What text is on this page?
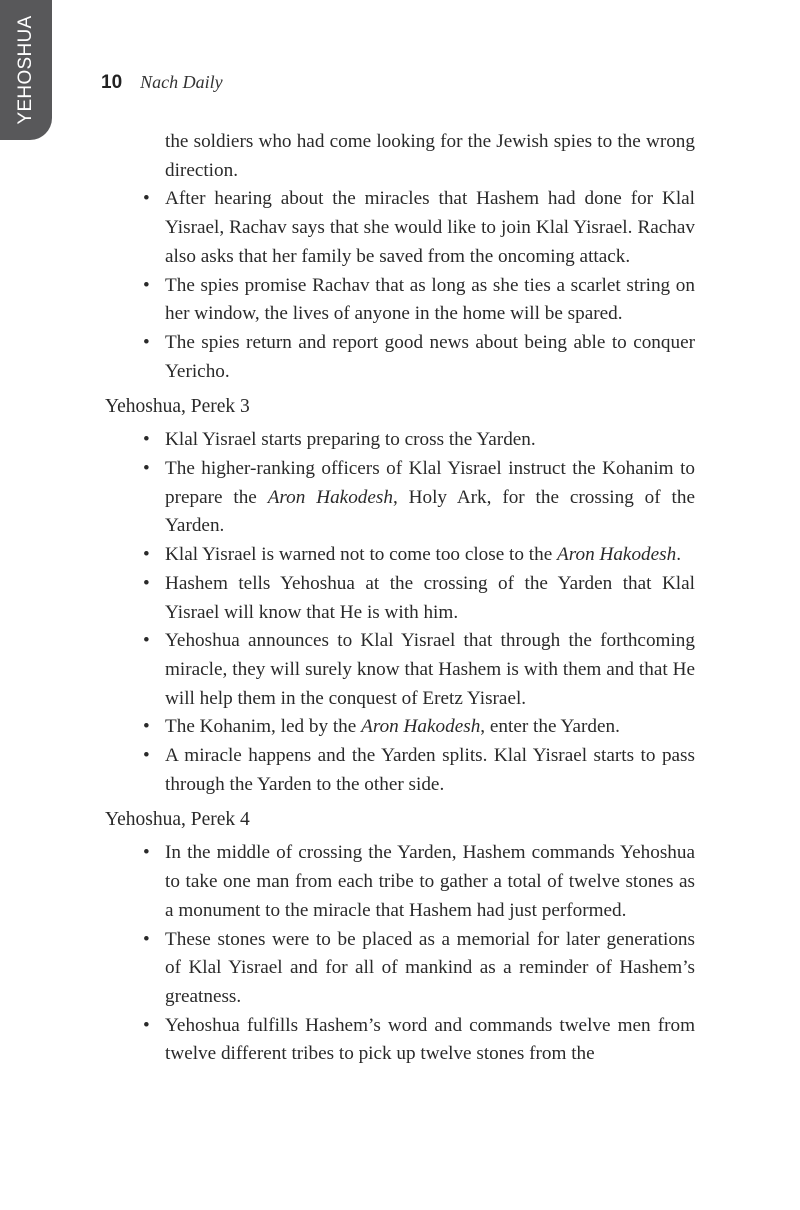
YEHOSHUA	10 Nach Daily
the soldiers who had come looking for the Jewish spies to the wrong direction.
• After hearing about the miracles that Hashem had done for Klal Yisrael, Rachav says that she would like to join Klal Yisrael. Rachav also asks that her family be saved from the oncoming attack.
• The spies promise Rachav that as long as she ties a scarlet string on her window, the lives of anyone in the home will be spared.
• The spies return and report good news about being able to conquer Yericho.
Yehoshua, Perek 3
• Klal Yisrael starts preparing to cross the Yarden.
• The higher-ranking officers of Klal Yisrael instruct the Kohanim to prepare the Aron Hakodesh, Holy Ark, for the crossing of the Yarden.
• Klal Yisrael is warned not to come too close to the Aron Hakodesh.
• Hashem tells Yehoshua at the crossing of the Yarden that Klal Yisrael will know that He is with him.
• Yehoshua announces to Klal Yisrael that through the forthcoming miracle, they will surely know that Hashem is with them and that He will help them in the conquest of Eretz Yisrael.
• The Kohanim, led by the Aron Hakodesh, enter the Yarden.
• A miracle happens and the Yarden splits. Klal Yisrael starts to pass through the Yarden to the other side.
Yehoshua, Perek 4
• In the middle of crossing the Yarden, Hashem commands Yehoshua to take one man from each tribe to gather a total of twelve stones as a monument to the miracle that Hashem had just performed.
• These stones were to be placed as a memorial for later generations of Klal Yisrael and for all of mankind as a reminder of Hashem’s greatness.
• Yehoshua fulfills Hashem’s word and commands twelve men from twelve different tribes to pick up twelve stones from the
